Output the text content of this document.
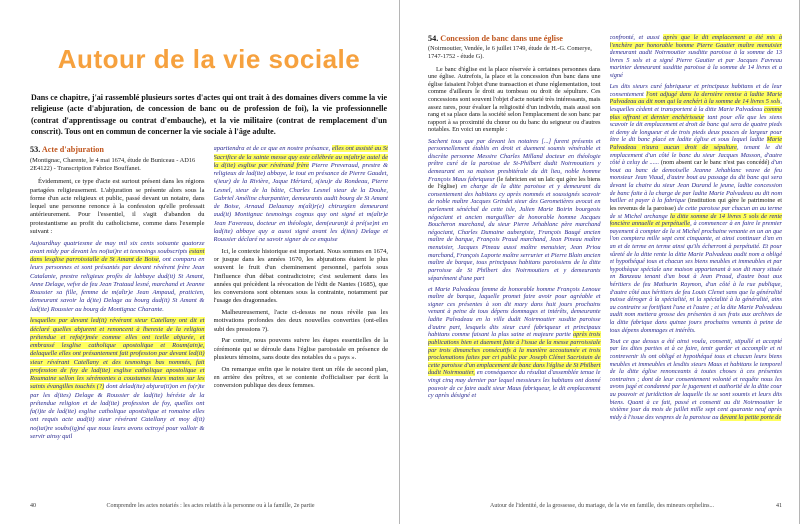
Autour de la vie sociale

Dans ce chapitre, j'ai rassemblé plusieurs sortes d'actes qui ont trait à des domaines divers comme la vie religieuse (acte d'abjuration, de concession de banc ou de profession de foi), la vie professionnelle (contrat d'apprentissage ou contrat d'embauche), et la vie militaire (contrat de remplacement d'un conscrit). Tous ont en commun de concerner la vie sociale à l'âge adulte.

53. Acte d'abjuration

(Montignac, Charente, le 4 mai 1674, étude de Buniceau - AD16 2E4122) - Transcription Fabrice Bouffanet.

Évidemment, ce type d'acte est surtout présent dans les régions partagées religieusement. L'abjuration se présente alors sous la forme d'un acte religieux et public, passé devant un notaire, dans lequel une personne renonce à la confession qu'elle professait antérieurement. Pour l'essentiel, il s'agit d'abandon du protestantisme au profit du catholicisme, comme dans l'exemple suivant :

Aujourdhuy quatriesme de may mil six cents soixante quatorze avant midy par devant les no(tai)re et tesmoings soubscripts estant dans lesglise parroissialle de St Amant de Boise, ont comparu en leurs personnes et sont présantés par devant révérent frère Jean Catalanie, prestre religieux profès de labbaye dud(it) St Amant, Anne Delage, vefve de feu Jean Trataud lesné, marchand et Jeanne Roussier sa fille, femme de m(aîtr)e Jean Ampaud, praticien, demeurant savoir la d(ite) Delage au bourg dud(it) St Amant & lad(ite) Roussier au bourg de Montignac Charante.

lesquelles par devant led(it) révérant sieur Catellany ont dit et déclaré quelles abjurent et renoncent à lheresie de la religion prétendue et refo(r)mée comme elles ont icelle abjurée, et embrassé lesglise catholique apostolique et Roum(ain)e, delaquelle elles ont présantement fait profession par devant led(it) sieur révérant Catellany et des tesmoings bas nommés, fait profession de foy de lad(ite) esglise catholique apostolique et Roumaine sellon les sérémonies a coustumes leurs mains sur les saints évangilles touchés (?) dont delad(ite) abjura(ti)on en fo(r)te par les d(ites) Delage & Roussier de lad(ite) hérésie de la prétendue religion et de lad(ite) profession de foy, quelles ont fa(i)te de lad(ite) esglise catholique apostolique et romaine elles ont requis acte aud(it) sieur révérant Catellany et moy d(it) no(tai)re soubs(ig)né que nous leurs avons octroyé pour valloir & servir ainsy quil

apartiendra et de ce que en nostre présance, elles ont assisté au St Sacrifice de la sainte messe quy este célébrée au m(aîtr)e autel de la d(ite) esglise par révérand frère Pierre Preveraud, prestre & religieux de lad(ite) abbaye, le tout en présance de Pierre Gaudet, s(ieur) de la Rivière, Jaque Hériard, s(ieu)r du Rondeau, Pierre Lesnel, sieur de la bâtie, Charles Lesnel sieur de la Douhe, Gabriel Améline charpantier, demeurants audit bourg de St Amant de Boise, Arnaud Delaunay m(aît)r(e) chirurgien demeurant aud(it) Montignac tesmoings cognus quy ont signé et m(aîtr)e Jean Favereau, docteur en théologie, dem(euran)t à pré(se)nt en lad(ite) abbaye quy a aussi signé avant les d(ites) Delage et Roussier déclaré ne savoir signer de ce enquise

Ici, le contexte historique est important. Nous sommes en 1674, or jusque dans les années 1670, les abjurations étaient le plus souvent le fruit d'un cheminement personnel, parfois sous l'influence d'un débat contradictoire; c'est seulement dans les années qui précèdent la révocation de l'édit de Nantes (1685), que les conversions sont obtenues sous la contrainte, notamment par l'usage des dragonnades.

Malheureusement, l'acte ci-dessus ne nous révèle pas les motivations profondes des deux nouvelles converties (ont-elles subi des pressions ?).

Par contre, nous pouvons suivre les étapes essentielles de la cérémonie qui se déroule dans l'église paroissiale en présence de plusieurs témoins, sans doute des notables du « pays ».

On remarque enfin que le notaire tient un rôle de second plan, en arrière des prêtres, et se contente d'officialiser par écrit la conversion publique des deux femmes.

40	Comprendre les actes notariés : les actes relatifs à la personne ou à la famille, 2e partie
54. Concession de banc dans une église

(Noirmoutier, Vendée, le 6 juillet 1749, étude de H.-G. Comerye, 1747-1752 - étude G).

Le banc d'église est la place réservée à certaines personnes dans une église. Autrefois, la place et la concession d'un banc dans une église faisaient l'objet d'une transaction et d'une réglementation, tout comme d'ailleurs le droit au tombeau ou droit de sépulture. Ces concessions sont souvent l'objet d'acte notarié très intéressants, mais assez rares, pour évaluer la religiosité d'un individu, mais aussi son rang et sa place dans la société selon l'emplacement de son banc par rapport à sa proximité du chœur ou du banc du seigneur ou d'autres notables. En voici un exemple :

Sachent tous que par devant les notaires [...] furent présents et personnellement établis en droit et duement soumis vénérable et discrète personne Messire Charles Milland docteur en théologie prêtre curé de la paroisse de St-Philbert dudit Noirmoutiers y demeurant en sa maison presbitérale du dit lieu, noble homme François Maus fabriqueur (le fabricien est un laïc qui gère les biens de l'église) en charge de la ditte paroisse et y demeurant du consentement des habitans cy après nommés et soussignés scavoir de noble maître Jacques Grindet sieur des Gerometières avocat en parlement sénéchal de cette isle, Julien Marie Boirin bourgeois négociant et ancien marguillier de honorable homme Jacques Boucheron marchand, du sieur Pierre Jehablanc père marchand négociant, Charles Dumaine aubergiste, François Baugé ancien maître de barque, François Praud marchand, Jean Pineau maître menuisier, Jacques Pineau aussi maître menuisier, Jean Priou marchand, François Laporte maître serrurier et Pierre Blain ancien maître de barque, tous principaux habitans paroissiens de la ditte parroisse de St Philbert des Noirmoutiers et y demeurants séparément d'une part

et Marie Palvadeau femme de honorable homme François Lenoue maître de barque, laquelle promet faire avoir pour agréable et signer ces présentes à son dit mary dans huit jours prochains venant à peine de tous dépens dommages et intérêts, demeurante ladite Palvadeau en la ville dudit Noirmoutier susdite paroisse d'autre part, lesquels dits sieur curé fabriqueur et principaux habitans comme faisant la plus saine et majeure partie après trois publications bien et duement faite à l'issue de la messe parroissiale par trois dimanches consécutifs à la manière accoutumée et trois proclamations faites par cri public par Joseph Clénet Sacristain de cette paroisse d'un emplacement de banc dans l'église de St Philbert dudit Noirmoutier, en conséquence du résultat d'assemblée tenue le vingt cinq may dernier par lequel messieurs les habitans ont donné pouvoir de ce faire audit sieur Maus fabriqueur, le dit emplacement cy après désigné et

confronté, et aussi après que le dit emplacement a été mis à l'enchère par honorable homme Pierre Gautier maître menuisier demeurant audit Noirmoutier susditte paroisse à la somme de 13 livres 5 sols et a signé Pierre Gautier et par Jacques Favreau marinier demeurant susditte paroisse à la somme de 14 livres et a signé

Les dits sieurs curé fabriqueur et principaux habitans et de leur consentement l'ont adjugé dans la dernière remise à ladite Marie Palvadeau au dit nom qui la enchéri à la somme de 14 livres 5 sols, lesquelles cèdent et transportent à la ditte Marie Palvadeau comme plus offrant et dernier enchérisseur tant pour elle que les siens scavoir le dit emplacement et droit de banc qui sera de quatre pieds et demy de longueur et de trois pieds deux pouces de largeur pour être le dit banc placé en ladite église et sous lequel ladite Marie Palvadeau n'aura aucun droit de sépulture, tenant le dit emplacement d'un côté le banc du sieur Jacques Masson, d'autre côté à celuy de ...... (nom absent car le banc n'est pas concédé) d'un bout au banc de demoiselle Jeanne Jehablanc veuve de feu monsieur Jean Viaud, d'autre bout au passage du dit banc qui sera devant la chaire du sieur Jean Durand le jeune, ladite concession de banc faite à la charge de par ladite Marie Palvadeau au dit nom bailler et payer à la fabrique (institution qui gère le patrimoine et les revenus de la paroisse) de cette paroisse par chacun an au terme de st Michel archange la ditte somme de 14 livres 5 sols de rente foncière annuelle et perpétuelle, à commencer à en faire le premier payement à compter de la st Michel prochaine venante en un an que l'on comptera mille sept cent cinquante, et ainsi continuer d'an en an et de terme en terme ainsi qu'ils écherront à perpétuité. Et pour sûreté de la ditte rente la ditte Marie Palvadeau audit nom a obligé et hypothéqué tous et chacun ses biens meubles et immeubles et par hypothèque spéciale une maison appartenant à son dit mary située en Banzeau tenant d'un bout à Jean Praud, d'autre bout aux héritiers de feu Mathurin Raymon, d'un côté à la rue publique, d'autre côté aux héritiers de feu Louis Clenet sans que la généralité puisse déroger à la spécialité, ni la spécialité à la généralité, ains au contraire se fortifiant l'une et l'autre ; et la dite Marie Palvadeau audit nom mettera grosse des présentes à ses frais aux archives de la ditte fabrique dans quinze jours prochains venants à peine de tous dépens dommages et intérêts.

Tout ce que dessus a été ainsi voulu, consenti, stipullé et accepté par les dites parties et à ce faire, tenir garder et accomplir et ni contrevenir ils ont obligé et hypothéqué tous et chacun leurs biens meubles et immeubles et lesdits sieurs Maus et habitans le temporel de la ditte église renonceants à toutes choses à ces présentes contraires ; dont de leur consentement volonté et requête nous les avons jugé et condamné par le jugement et authorité de la ditte cour au pouvoir et juridiction de laquelle ils se sont soumis et leurs dits biens. Quant à ce fait, passé et consenti au dit Noirmoutier le sixième jour du mois de juillet mille sept cent quarante neuf après midy à l'issue des vespres de la paroisse au devant la petite porte de

Autour de l'identité, de la grossesse, du mariage, de la vie en famille, des mineurs orphelins...	41
